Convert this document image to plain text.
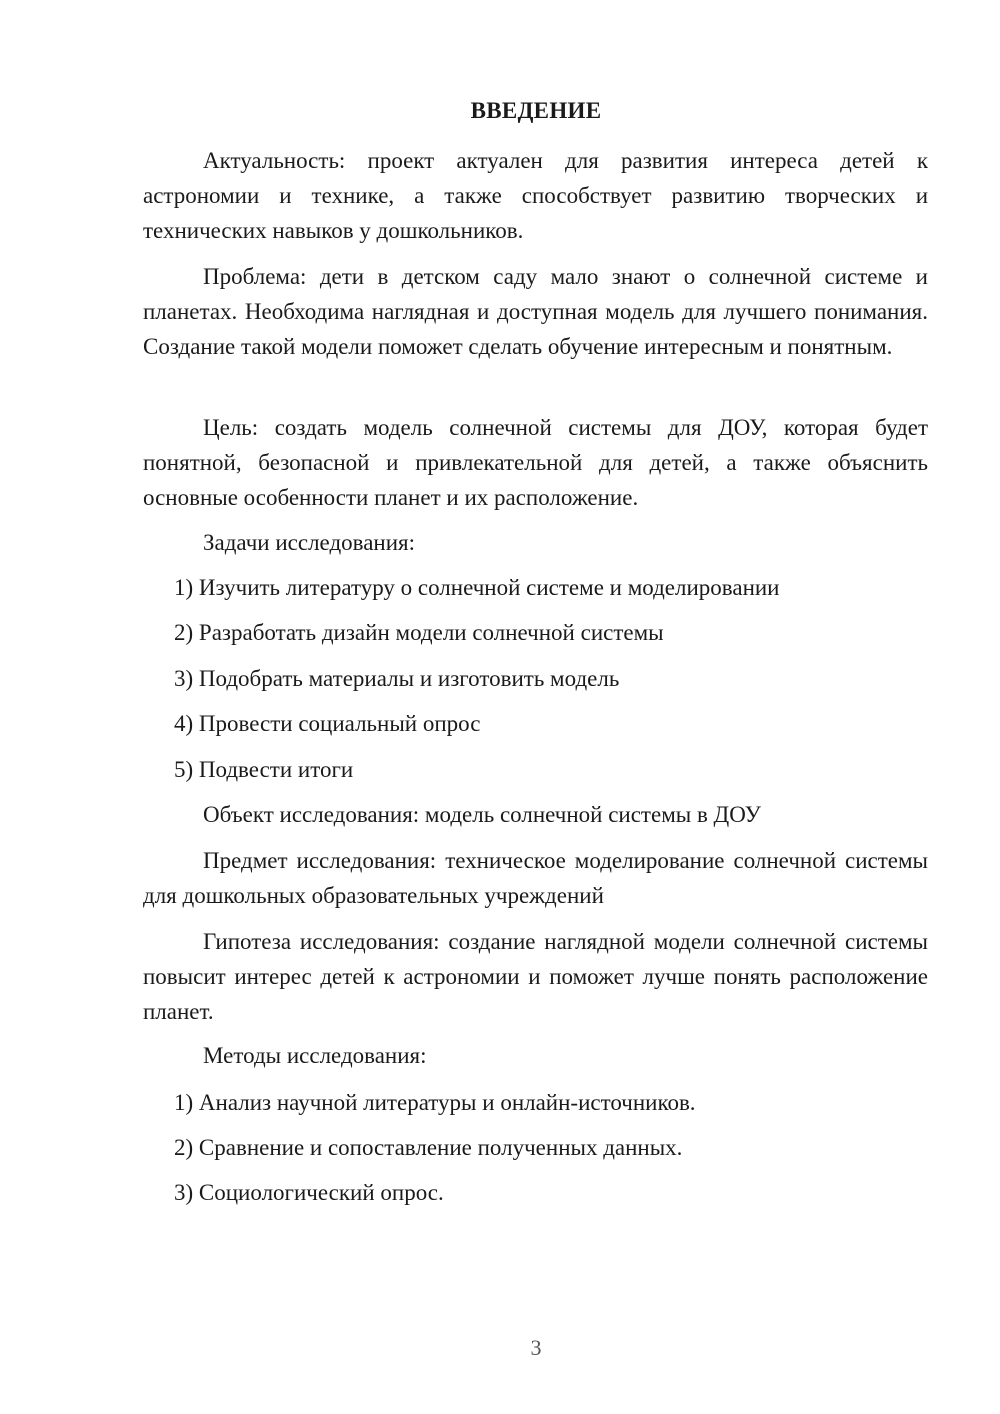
ВВЕДЕНИЕ

Актуальность: проект актуален для развития интереса детей к астрономии и технике, а также способствует развитию творческих и технических навыков у дошкольников.

Проблема: дети в детском саду мало знают о солнечной системе и планетах. Необходима наглядная и доступная модель для лучшего понимания. Создание такой модели поможет сделать обучение интересным и понятным.

Цель: создать модель солнечной системы для ДОУ, которая будет понятной, безопасной и привлекательной для детей, а также объяснить основные особенности планет и их расположение.

Задачи исследования:
1) Изучить литературу о солнечной системе и моделировании
2) Разработать дизайн модели солнечной системы
3) Подобрать материалы и изготовить модель
4) Провести социальный опрос
5) Подвести итоги
Объект исследования: модель солнечной системы в ДОУ

Предмет исследования: техническое моделирование солнечной системы для дошкольных образовательных учреждений

Гипотеза исследования: создание наглядной модели солнечной системы повысит интерес детей к астрономии и поможет лучше понять расположение планет.

Методы исследования:
1) Анализ научной литературы и онлайн-источников.
2) Сравнение и сопоставление полученных данных.
3) Социологический опрос.
3
